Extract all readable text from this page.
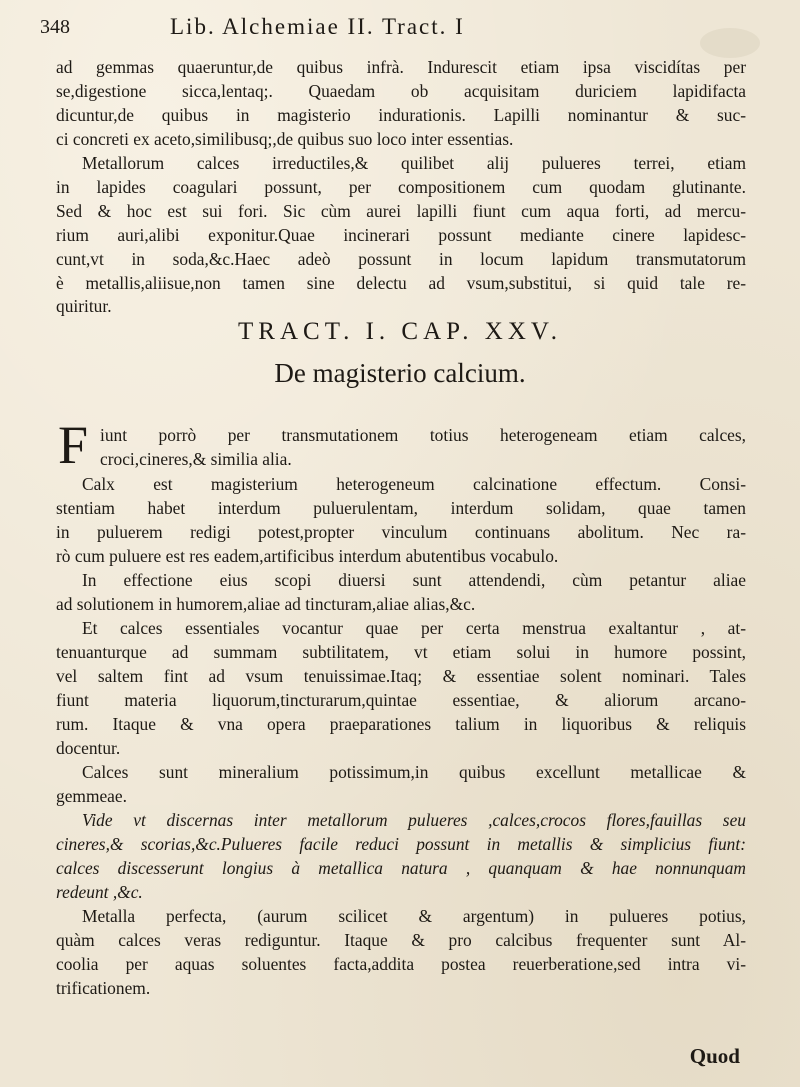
348	Lib. Alchemiae II. Tract. I
ad gemmas quaeruntur,de quibus infrà. Indurescit etiam ipsa viscidítas per
se,digestione sicca,lentaq;. Quaedam ob acquisitam duriciem lapidifacta
dicuntur,de quibus in magisterio indurationis. Lapilli nominantur & suc-
ci concreti ex aceto,similibusq;,de quibus suo loco inter essentias.
Metallorum calces irreductiles,& quilibet alij pulueres terrei, etiam
in lapides coagulari possunt, per compositionem cum quodam glutinante.
Sed & hoc est sui fori. Sic cùm aurei lapilli fiunt cum aqua forti, ad mercu-
rium auri,alibi exponitur.Quae incinerari possunt mediante cinere lapidesc-
cunt,vt in soda,&c.Haec adeò possunt in locum lapidum transmutatorum
è metallis,aliisue,non tamen sine delectu ad vsum,substitui, si quid tale re-
quiritur.
TRACT. I. CAP. XXV.
De magisterio calcium.
F iunt porrò per transmutationem totius heterogeneam etiam calces,
croci,cineres,& similia alia.
Calx est magisterium heterogeneum calcinatione effectum. Consi-
stentiam habet interdum puluerulentam, interdum solidam, quae tamen
in puluerem redigi potest,propter vinculum continuans abolitum. Nec ra-
rò cum puluere est res eadem,artificibus interdum abutentibus vocabulo.
In effectione eius scopi diuersi sunt attendendi, cùm petantur aliae
ad solutionem in humorem,aliae ad tincturam,aliae alias,&c.
Et calces essentiales vocantur quae per certa menstrua exaltantur , at-
tenuanturque ad summam subtilitatem, vt etiam solui in humore possint,
vel saltem fint ad vsum tenuissimae.Itaq; & essentiae solent nominari. Tales
fiunt materia liquorum,tincturarum,quintae essentiae, & aliorum arcano-
rum. Itaque & vna opera praeparationes talium in liquoribus & reliquis
docentur.
Calces sunt mineralium potissimum,in quibus excellunt metallicae &
gemmeae.
Vide vt discernas inter metallorum pulueres ,calces,crocos flores,fauillas seu
cineres,& scorias,&c.Pulueres facile reduci possunt in metallis & simplicius fiunt:
calces discesserunt longius à metallica natura , quanquam & hae nonnunquam
redeunt ,&c.
Metalla perfecta, (aurum scilicet & argentum) in pulueres potius,
quàm calces veras rediguntur. Itaque & pro calcibus frequenter sunt Al-
coolia per aquas soluentes facta,addita postea reuerberatione,sed intra vi-
trificationem.
Quod
